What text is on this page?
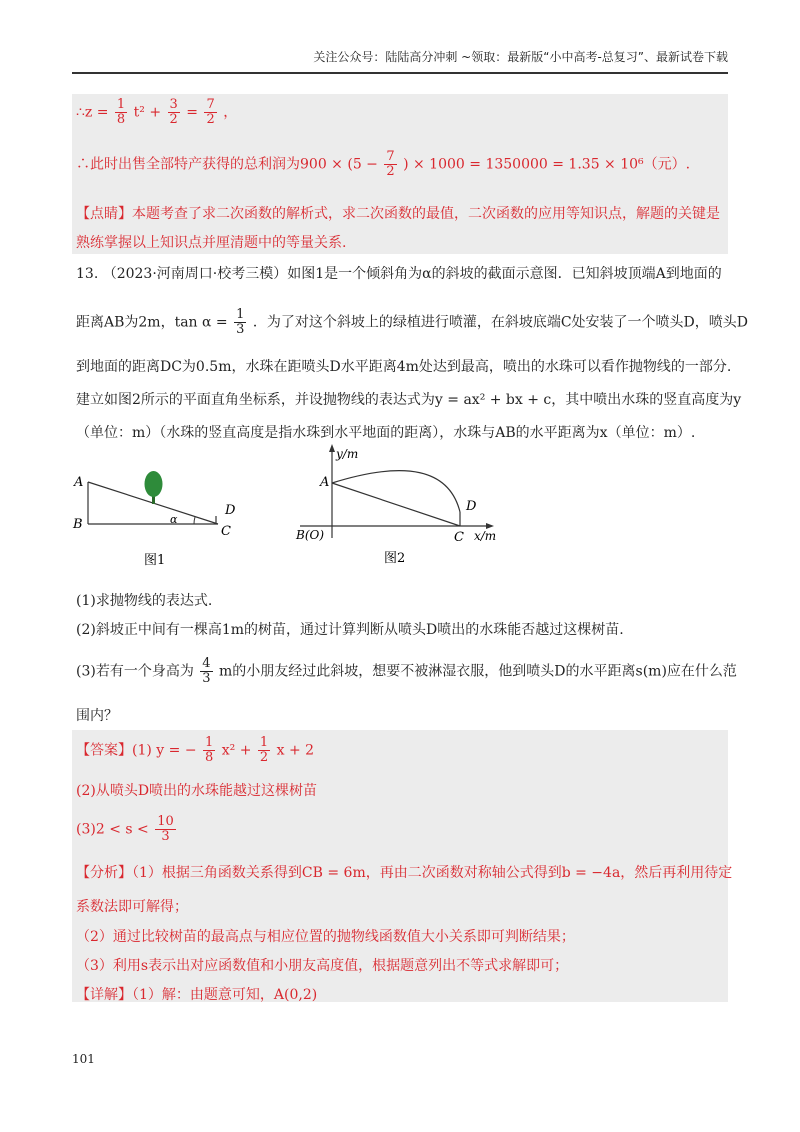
关注公众号：陆陆高分冲刺 ~领取：最新版“小中高考-总复习”、最新试卷下载
∴z = $\frac{1}{8} t^2 + \frac{3}{2} = \frac{7}{2}$ ，
∴此时出售全部特产获得的总利润为$900 \times (5 - \frac{7}{2}$ ) × 1000 = 1350000 = 1.35 × 10⁶（元）.
【点睛】本题考查了求二次函数的解析式，求二次函数的最值，二次函数的应用等知识点，解题的关键是
熟练掌握以上知识点并厘清题中的等量关系.
13. （2023·河南周口·校考三模）如图1是一个倾斜角为α的斜坡的截面示意图．已知斜坡顶端A到地面的
距离AB为2m，$\tan \alpha = \frac{1}{3}$ ．为了对这个斜坡上的绿植进行喷灌，在斜坡底端C处安装了一个喷头D，喷头D
到地面的距离DC为0.5m，水珠在距喷头D水平距离4m处达到最高，喷出的水珠可以看作抛物线的一部分.
建立如图2所示的平面直角坐标系，并设抛物线的表达式为y = ax² + bx + c，其中喷出水珠的竖直高度为y
（单位：m）（水珠的竖直高度是指水珠到水平地面的距离），水珠与AB的水平距离为x（单位：m）.
A
B	C
D
α
图1
y/m
x/m
A
D
C
B(O)
图2
(1)求抛物线的表达式.
(2)斜坡正中间有一棵高1m的树苗，通过计算判断从喷头D喷出的水珠能否越过这棵树苗.
(3)若有一个身高为 $\frac{4}{3}$ m的小朋友经过此斜坡，想要不被淋湿衣服，他到喷头D的水平距离s(m)应在什么范
围内？
【答案】(1) y = − $\frac{1}{8} x^2 + \frac{1}{2}$ x + 2
(2)从喷头D喷出的水珠能越过这棵树苗
$(3)2 < s < \frac{10}{3}$
【分析】（1）根据三角函数关系得到CB = 6m，再由二次函数对称轴公式得到b = −4a，然后再利用待定
系数法即可解得；
（2）通过比较树苗的最高点与相应位置的抛物线函数值大小关系即可判断结果；
（3）利用s表示出对应函数值和小朋友高度值，根据题意列出不等式求解即可；
【详解】（1）解：由题意可知，A(0,2)
101
